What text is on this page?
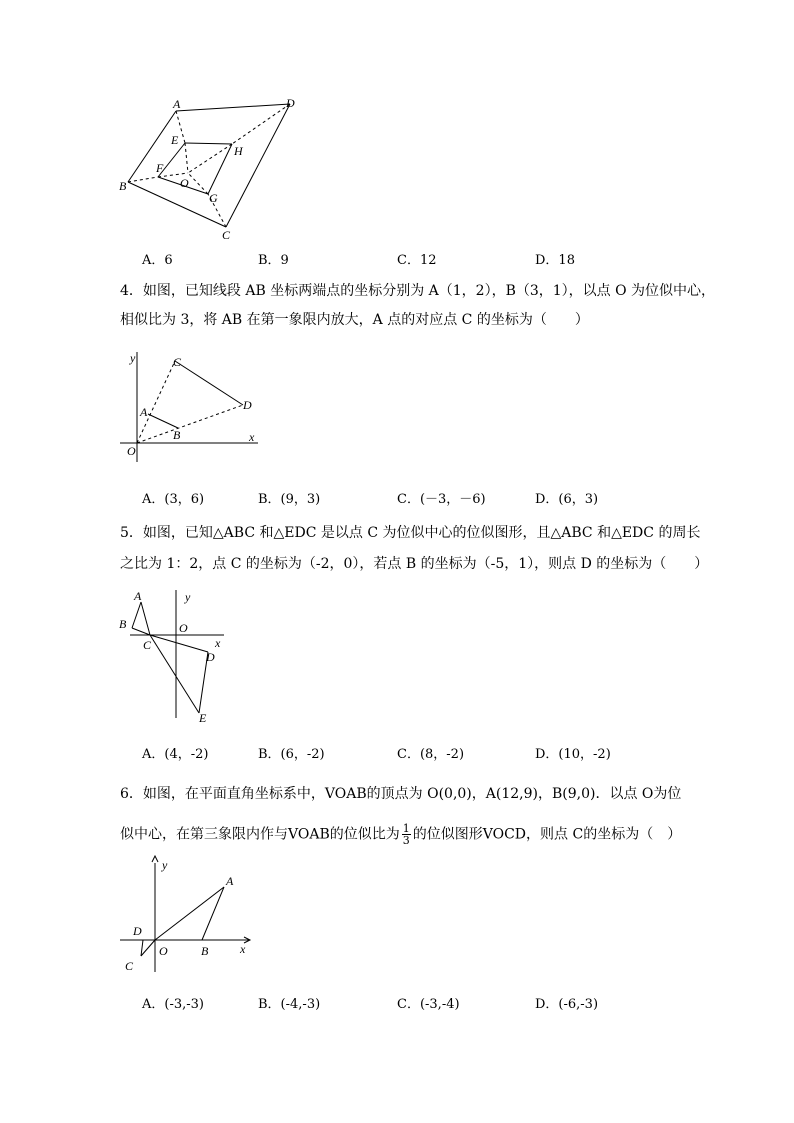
A	D
E
H
F
O
B
G
C
A．6	B．9	C．12	D．18
4．如图，已知线段 AB 坐标两端点的坐标分别为 A（1，2），B（3，1），以点 O 为位似中心，
相似比为 3，将 AB 在第一象限内放大，A 点的对应点 C 的坐标为（　　）
y	C
D
A
B	x
O
A．(3，6)	B．(9，3)	C．(－3，－6)	D．(6，3)
5．如图，已知△ABC 和△EDC 是以点 C 为位似中心的位似图形，且△ABC 和△EDC 的周长
之比为 1：2，点 C 的坐标为（-2，0），若点 B 的坐标为（-5，1），则点 D 的坐标为（　　）
A	y
B	O
C	x
D
E
A．(4，-2)	B．(6，-2)	C．(8，-2)	D．(10，-2)
6．如图，在平面直角坐标系中，VOAB的顶点为 O(0,0)，A(12,9)，B(9,0)．以点 O为位
似中心，在第三象限内作与VOAB的位似比为 $\frac{1}{3}$ 的位似图形VOCD，则点 C的坐标为（　）
y
A
D
O	B	x
C
A．(-3,-3)	B．(-4,-3)	C．(-3,-4)	D．(-6,-3)
